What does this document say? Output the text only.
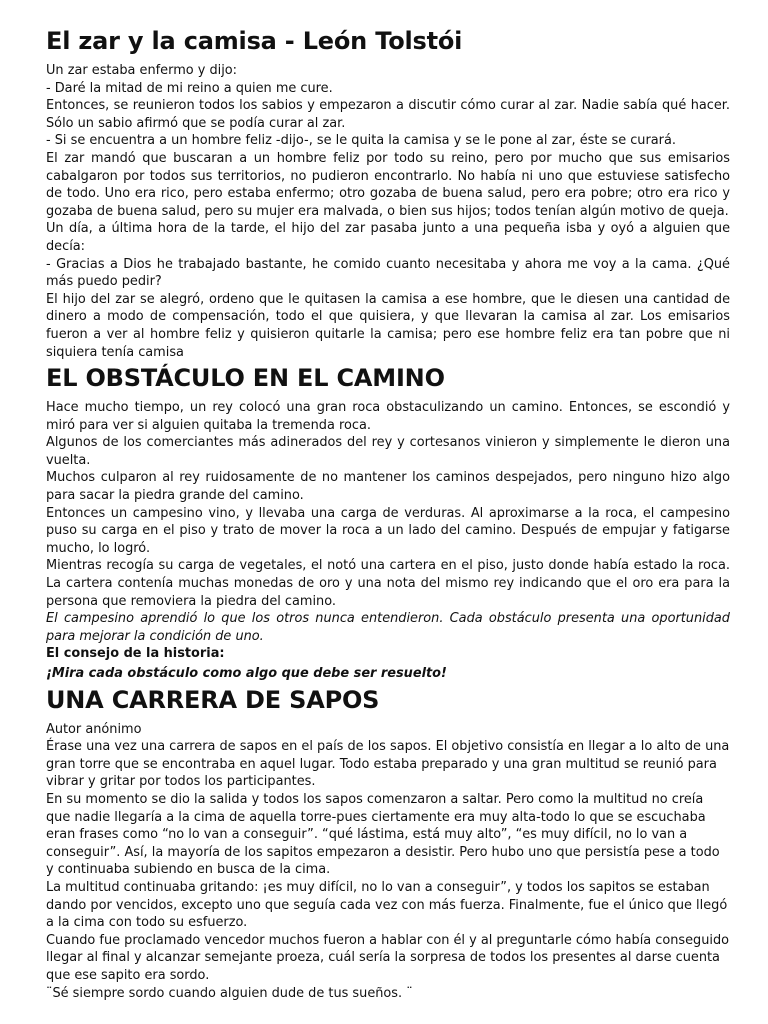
El zar y la camisa - León Tolstói

Un zar estaba enfermo y dijo:

- Daré la mitad de mi reino a quien me cure.

Entonces, se reunieron todos los sabios y empezaron a discutir cómo curar al zar. Nadie sabía qué hacer. Sólo un sabio afirmó que se podía curar al zar.

- Si se encuentra a un hombre feliz -dijo-, se le quita la camisa y se le pone al zar, éste se curará.

El zar mandó que buscaran a un hombre feliz por todo su reino, pero por mucho que sus emisarios cabalgaron por todos sus territorios, no pudieron encontrarlo. No había ni uno que estuviese satisfecho de todo. Uno era rico, pero estaba enfermo; otro gozaba de buena salud, pero era pobre; otro era rico y gozaba de buena salud, pero su mujer era malvada, o bien sus hijos; todos tenían algún motivo de queja.

Un día, a última hora de la tarde, el hijo del zar pasaba junto a una pequeña isba y oyó a alguien que decía:

- Gracias a Dios he trabajado bastante, he comido cuanto necesitaba y ahora me voy a la cama. ¿Qué más puedo pedir?

El hijo del zar se alegró, ordeno que le quitasen la camisa a ese hombre, que le diesen una cantidad de dinero a modo de compensación, todo el que quisiera, y que llevaran la camisa al zar. Los emisarios fueron a ver al hombre feliz y quisieron quitarle la camisa; pero ese hombre feliz era tan pobre que ni siquiera tenía camisa

EL OBSTÁCULO EN EL CAMINO

Hace mucho tiempo, un rey colocó una gran roca obstaculizando un camino. Entonces, se escondió y miró para ver si alguien quitaba la tremenda roca.

Algunos de los comerciantes más adinerados del rey y cortesanos vinieron y simplemente le dieron una vuelta.

Muchos culparon al rey ruidosamente de no mantener los caminos despejados, pero ninguno hizo algo para sacar la piedra grande del camino.

Entonces un campesino vino, y llevaba una carga de verduras. Al aproximarse a la roca, el campesino puso su carga en el piso y trato de mover la roca a un lado del camino. Después de empujar y fatigarse mucho, lo logró.

Mientras recogía su carga de vegetales, el notó una cartera en el piso, justo donde había estado la roca. La cartera contenía muchas monedas de oro y una nota del mismo rey indicando que el oro era para la persona que removiera la piedra del camino.

El campesino aprendió lo que los otros nunca entendieron. Cada obstáculo presenta una oportunidad para mejorar la condición de uno.

El consejo de la historia:

¡Mira cada obstáculo como algo que debe ser resuelto!

UNA CARRERA DE SAPOS

Autor anónimo

Érase una vez una carrera de sapos en el país de los sapos. El objetivo consistía en llegar a lo alto de una gran torre que se encontraba en aquel lugar. Todo estaba preparado y una gran multitud se reunió para vibrar y gritar por todos los participantes.

En su momento se dio la salida y todos los sapos comenzaron a saltar. Pero como la multitud no creía que nadie llegaría a la cima de aquella torre-pues ciertamente era muy alta-todo lo que se escuchaba eran frases como “no lo van a conseguir”. “qué lástima, está muy alto”, “es muy difícil, no lo van a conseguir”. Así, la mayoría de los sapitos empezaron a desistir. Pero hubo uno que persistía pese a todo y continuaba subiendo en busca de la cima.

La multitud continuaba gritando: ¡es muy difícil, no lo van a conseguir”, y todos los sapitos se estaban dando por vencidos, excepto uno que seguía cada vez con más fuerza. Finalmente, fue el único que llegó a la cima con todo su esfuerzo.

Cuando fue proclamado vencedor muchos fueron a hablar con él y al preguntarle cómo había conseguido llegar al final y alcanzar semejante proeza, cuál sería la sorpresa de todos los presentes al darse cuenta que ese sapito era sordo.

¨Sé siempre sordo cuando alguien dude de tus sueños. ¨
